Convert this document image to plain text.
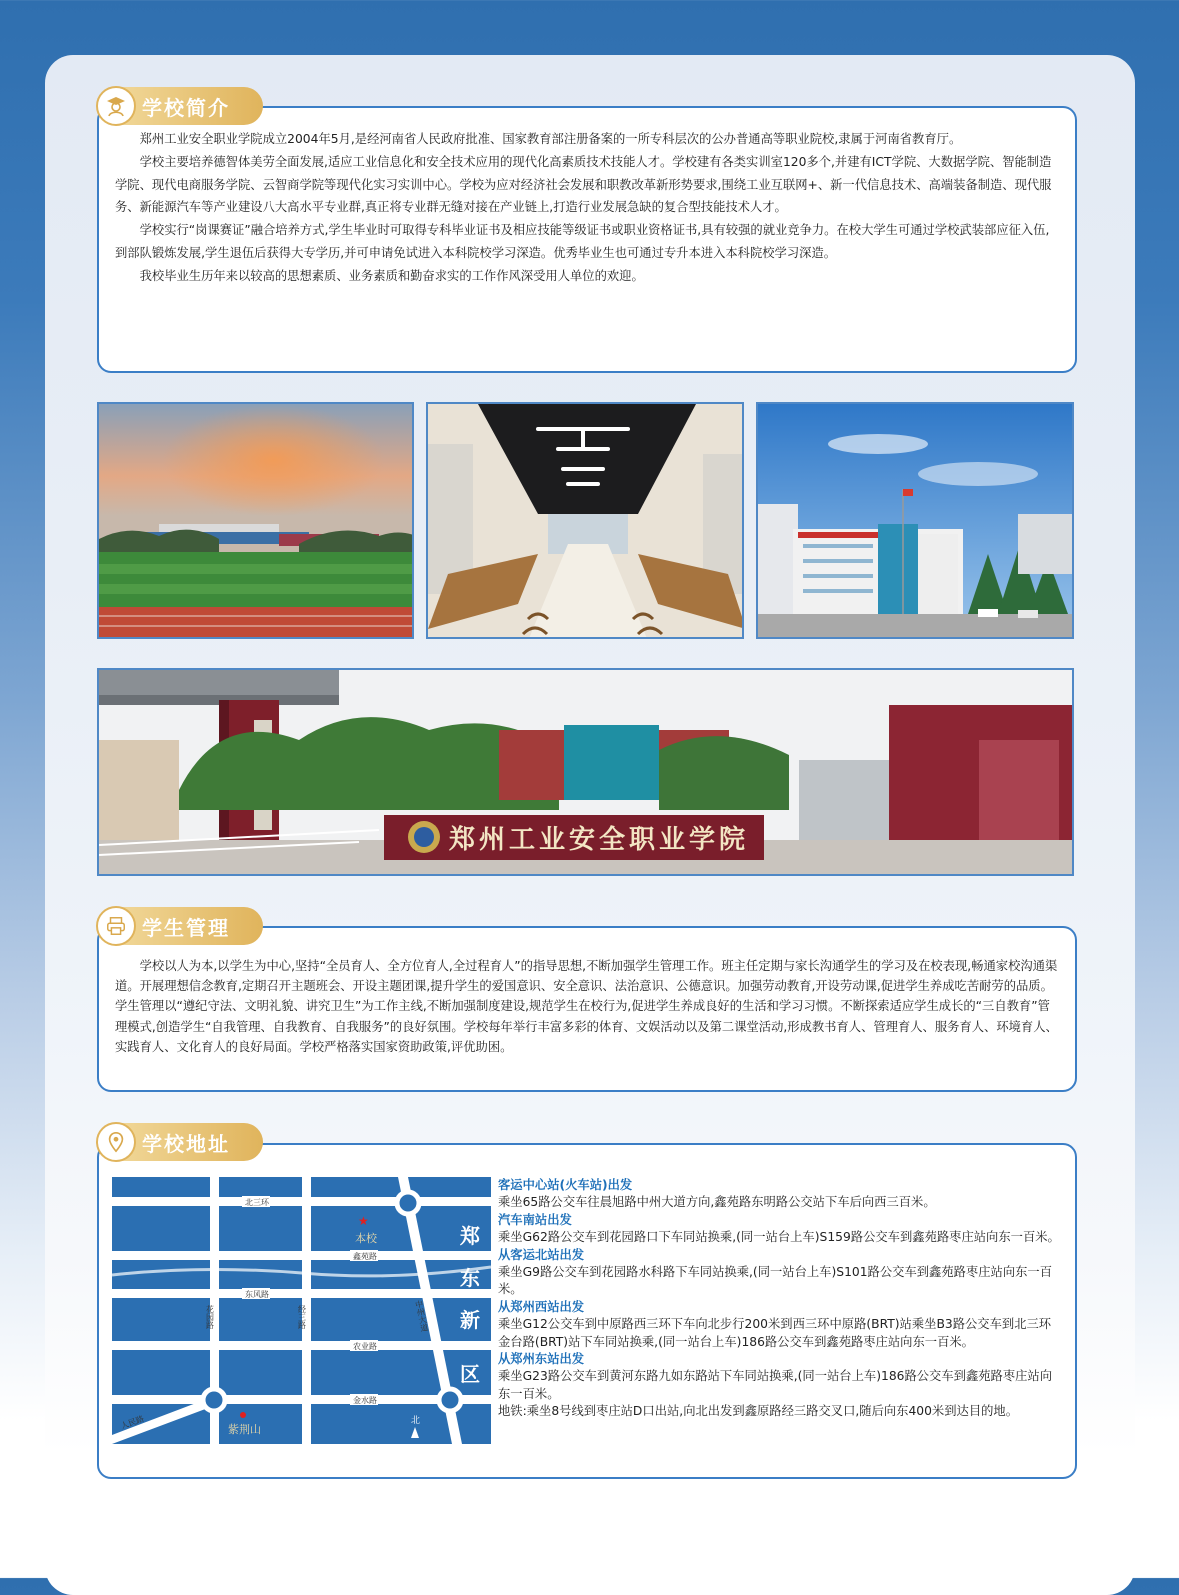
郑州工业安全职业学院成立2004年5月,是经河南省人民政府批准、国家教育部注册备案的一所专科层次的公办普通高等职业院校,隶属于河南省教育厅。

学校主要培养德智体美劳全面发展,适应工业信息化和安全技术应用的现代化高素质技术技能人才。学校建有各类实训室120多个,并建有ICT学院、大数据学院、智能制造学院、现代电商服务学院、云智商学院等现代化实习实训中心。学校为应对经济社会发展和职教改革新形势要求,围绕工业互联网+、新一代信息技术、高端装备制造、现代服务、新能源汽车等产业建设八大高水平专业群,真正将专业群无缝对接在产业链上,打造行业发展急缺的复合型技能技术人才。

学校实行“岗课赛证”融合培养方式,学生毕业时可取得专科毕业证书及相应技能等级证书或职业资格证书,具有较强的就业竞争力。在校大学生可通过学校武装部应征入伍,到部队锻炼发展,学生退伍后获得大专学历,并可申请免试进入本科院校学习深造。优秀毕业生也可通过专升本进入本科院校学习深造。

我校毕业生历年来以较高的思想素质、业务素质和勤奋求实的工作作风深受用人单位的欢迎。

学校简介
郑州工业安全职业学院

学校以人为本,以学生为中心,坚持“全员育人、全方位育人,全过程育人”的指导思想,不断加强学生管理工作。班主任定期与家长沟通学生的学习及在校表现,畅通家校沟通渠道。开展理想信念教育,定期召开主题班会、开设主题团课,提升学生的爱国意识、安全意识、法治意识、公德意识。加强劳动教育,开设劳动课,促进学生养成吃苦耐劳的品质。学生管理以“遵纪守法、文明礼貌、讲究卫生”为工作主线,不断加强制度建设,规范学生在校行为,促进学生养成良好的生活和学习习惯。不断探索适应学生成长的“三自教育”管理模式,创造学生“自我管理、自我教育、自我服务”的良好氛围。学校每年举行丰富多彩的体育、文娱活动以及第二课堂活动,形成教书育人、管理育人、服务育人、环境育人、实践育人、文化育人的良好局面。学校严格落实国家资助政策,评优助困。

学生管理
学校地址
北三环
鑫苑路
东风路
农业路
金水路
花园路	经三路	中州大道
人民路
★
本校
紫荆山
郑
东
新
区
北
客运中心站(火车站)出发
乘坐65路公交车往晨旭路中州大道方向,鑫苑路东明路公交站下车后向西三百米。
汽车南站出发
乘坐G62路公交车到花园路口下车同站换乘,(同一站台上车)S159路公交车到鑫苑路枣庄站向东一百米。
从客运北站出发
乘坐G9路公交车到花园路水科路下车同站换乘,(同一站台上车)S101路公交车到鑫苑路枣庄站向东一百米。
从郑州西站出发
乘坐G12公交车到中原路西三环下车向北步行200米到西三环中原路(BRT)站乘坐B3路公交车到北三环金台路(BRT)站下车同站换乘,(同一站台上车)186路公交车到鑫苑路枣庄站向东一百米。
从郑州东站出发
乘坐G23路公交车到黄河东路九如东路站下车同站换乘,(同一站台上车)186路公交车到鑫苑路枣庄站向东一百米。
地铁:乘坐8号线到枣庄站D口出站,向北出发到鑫原路经三路交叉口,随后向东400米到达目的地。
